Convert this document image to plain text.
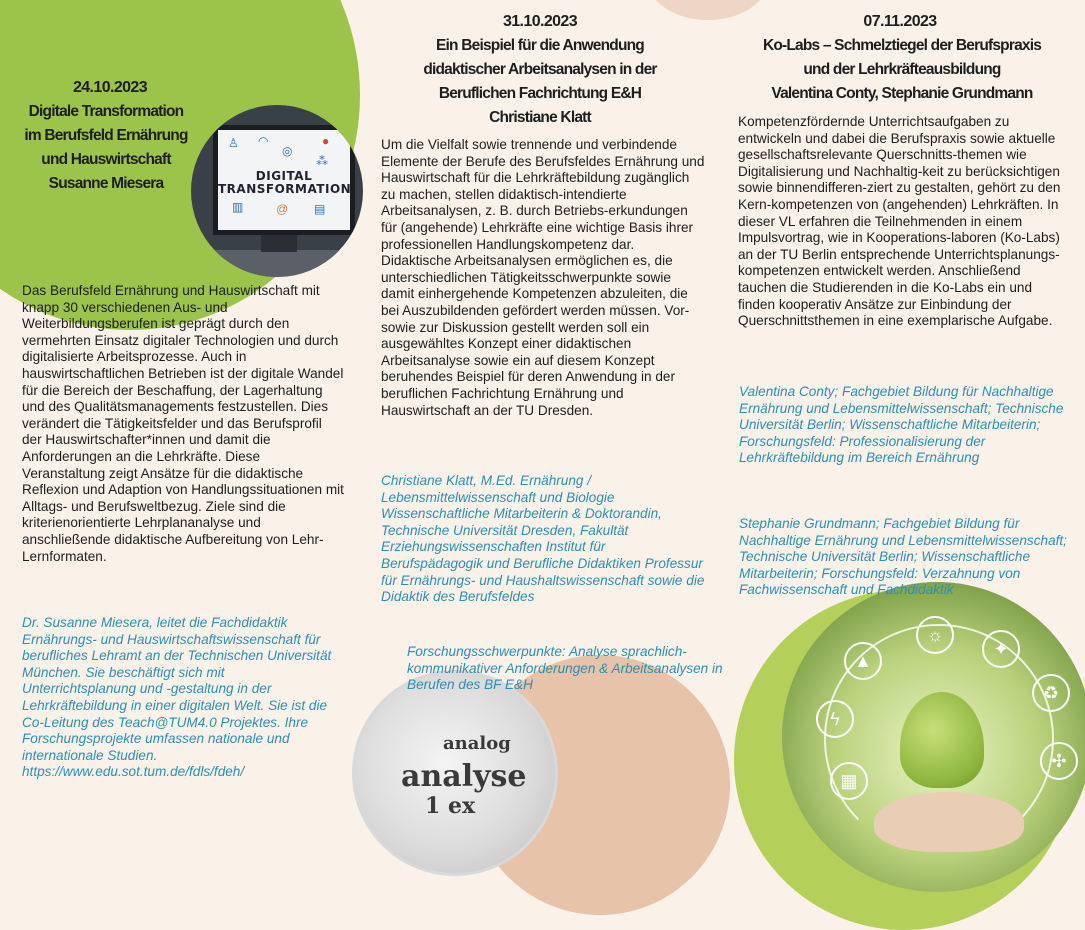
analog
analyse
1 ex
☼
✦
♻
▲
ϟ
▦
✣
24.10.2023
Digitale Transformation
im Berufsfeld Ernährung
und Hauswirtschaft
Susanne Miesera
♙ ◠
◎
●
⁂
▥	@ ▤
DIGITAL TRANSFORMATION
Das Berufsfeld Ernährung und Hauswirtschaft mit knapp 30 verschiedenen Aus- und Weiterbildungsberufen ist geprägt durch den vermehrten Einsatz digitaler Technologien und durch digitalisierte Arbeitsprozesse. Auch in hauswirtschaftlichen Betrieben ist der digitale Wandel für die Bereich der Beschaffung, der Lagerhaltung und des Qualitätsmanagements festzustellen. Dies verändert die Tätigkeitsfelder und das Berufsprofil der Hauswirtschafter*innen und damit die Anforderungen an die Lehrkräfte. Diese Veranstaltung zeigt Ansätze für die didaktische Reflexion und Adaption von Handlungssituationen mit Alltags- und Berufsweltbezug. Ziele sind die kriterienorientierte Lehrplananalyse und anschließende didaktische Aufbereitung von Lehr-Lernformaten.
Dr. Susanne Miesera, leitet die Fachdidaktik Ernährungs- und Hauswirtschaftswissenschaft für berufliches Lehramt an der Technischen Universität München. Sie beschäftigt sich mit Unterrichtsplanung und -gestaltung in der Lehrkräftebildung in einer digitalen Welt. Sie ist die Co-Leitung des Teach@TUM4.0 Projektes. Ihre Forschungsprojekte umfassen nationale und internationale Studien. https://www.edu.sot.tum.de/fdls/fdeh/
31.10.2023
Ein Beispiel für die Anwendung
didaktischer Arbeitsanalysen in der
Beruflichen Fachrichtung E&H
Christiane Klatt
Um die Vielfalt sowie trennende und verbindende Elemente der Berufe des Berufsfeldes Ernährung und Hauswirtschaft für die Lehrkräftebildung zugänglich zu machen, stellen didaktisch-intendierte Arbeitsanalysen, z. B. durch Betriebs-erkundungen für (angehende) Lehrkräfte eine wichtige Basis ihrer professionellen Handlungskompetenz dar. Didaktische Arbeitsanalysen ermöglichen es, die unterschiedlichen Tätigkeitsschwerpunkte sowie damit einhergehende Kompetenzen abzuleiten, die bei Auszubildenden gefördert werden müssen. Vor- sowie zur Diskussion gestellt werden soll ein ausgewähltes Konzept einer didaktischen Arbeitsanalyse sowie ein auf diesem Konzept beruhendes Beispiel für deren Anwendung in der beruflichen Fachrichtung Ernährung und Hauswirtschaft an der TU Dresden.
Christiane Klatt, M.Ed. Ernährung / Lebensmittelwissenschaft und Biologie Wissenschaftliche Mitarbeiterin & Doktorandin, Technische Universität Dresden, Fakultät Erziehungswissenschaften Institut für Berufspädagogik und Berufliche Didaktiken Professur für Ernährungs- und Haushaltswissenschaft sowie die Didaktik des Berufsfeldes
Forschungsschwerpunkte: Analyse sprachlich-kommunikativer Anforderungen & Arbeitsanalysen in Berufen des BF E&H
07.11.2023
Ko-Labs – Schmelztiegel der Berufspraxis
und der Lehrkräfteausbildung
Valentina Conty, Stephanie Grundmann
Kompetenzfördernde Unterrichtsaufgaben zu entwickeln und dabei die Berufspraxis sowie aktuelle gesellschaftsrelevante Querschnitts-themen wie Digitalisierung und Nachhaltig-keit zu berücksichtigen sowie binnendifferen-ziert zu gestalten, gehört zu den Kern-kompetenzen von (angehenden) Lehrkräften. In dieser VL erfahren die Teilnehmenden in einem Impulsvortrag, wie in Kooperations-laboren (Ko-Labs) an der TU Berlin entsprechende Unterrichtsplanungs-kompetenzen entwickelt werden. Anschließend tauchen die Studierenden in die Ko-Labs ein und finden kooperativ Ansätze zur Einbindung der Querschnittsthemen in eine exemplarische Aufgabe.
Valentina Conty; Fachgebiet Bildung für Nachhaltige Ernährung und Lebensmittelwissenschaft; Technische Universität Berlin; Wissenschaftliche Mitarbeiterin; Forschungsfeld: Professionalisierung der Lehrkräftebildung im Bereich Ernährung
Stephanie Grundmann; Fachgebiet Bildung für Nachhaltige Ernährung und Lebensmittelwissenschaft; Technische Universität Berlin; Wissenschaftliche Mitarbeiterin; Forschungsfeld: Verzahnung von Fachwissenschaft und Fachdidaktik
